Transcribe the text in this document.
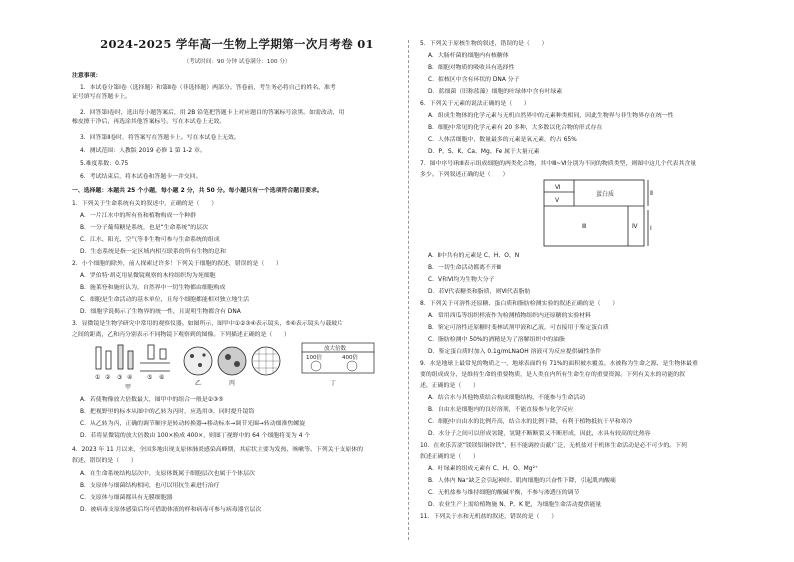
2024-2025 学年高一生物上学期第一次月考卷 01
（考试时间：90 分钟 试卷满分：100 分）
注意事项：
1．本试卷分第Ⅰ卷（选择题）和第Ⅱ卷（非选择题）两部分。答卷前，考生务必将自己的姓名、准考
证号填写在答题卡上。
2．回答第Ⅰ卷时，选出每小题答案后，用 2B 铅笔把答题卡上对应题目的答案标号涂黑。如需改动，用
橡皮擦干净后，再选涂其他答案标号。写在本试卷上无效。
3．回答第Ⅱ卷时，将答案写在答题卡上。写在本试卷上无效。
4．测试范围：人教版 2019 必修 1 第 1-2 章。
5.难度系数：0.75
6．考试结束后，将本试卷和答题卡一并交回。
一、选择题：本题共 25 个小题，每小题 2 分，共 50 分。每小题只有一个选项符合题目要求。
1．下列关于生命系统有关的叙述中，正确的是（　　）
A．一片江水中的所有鱼和植物构成一个种群
B．一分子葡萄糖是系统，也是“生命系统”的层次
C．江水、阳光、空气等非生物可参与生命系统的组成
D．生态系统是指一定区域内相互联系的所有生物的总和
2．小个细胞的除外，前人探索过许多！下列关于细胞的叙述，错误的是（　　）
A．罗伯特·胡克用显微镜观察的木栓组织均为死细胞
B．施莱登和施旺认为，自然界中一切生物都由细胞构成
C．细胞是生命活动的基本单位，且每个细胞都能相对独立地生活
D．细胞学说揭示了生物界的统一性，且说明生物都含有 DNA
3．显微镜是生物学研究中常用的观察仪器。如图所示，图甲中①②③④表示镜头，⑤⑥表示镜头与载玻片
之间的距离，乙和丙分别表示不同物镜下观察到的图像。下列描述正确的是（　　）
① ② ③ ④ ⑤ ⑥
甲
乙	丙	丁
放大倍数
100倍	400倍
A．若使物像放大倍数最大，图甲中的组合一般是②③⑤
B．把视野里的标本从图中的乙转为丙时，应选用③，同时提升镜筒
C．从乙转为丙，正确的调节顺序是转动转换器→移动标本→调节光圈→转动细准焦螺旋
D．若将显微镜的放大倍数由 100×换成 400×，则图丁视野中的 64 个细胞将变为 4 个
4．2023 年 11 月以来，全国多地出现支原体肺炎感染高峰期，其症状主要为发热、咳嗽等。下列关于支原体的
叙述，错误的是（　　）
A．在生命系统结构层次中，支原体既属于细胞层次也属于个体层次
B．支原体与细菌结构相同，也可以用抗生素进行治疗
C．支原体与细菌都具有无膜细胞器
D．被病毒支原体感染后均可借助体液的样和病毒可参与病毒器官层次
5．下列关于原核生物的叙述，错误的是（　　）
A．大肠杆菌的细胞内有核糖体
B．细胞对物质的吸收具有选择性
C．拟核区中含有环状的 DNA 分子
D．蓝细菌（旧称蓝藻）细胞的叶绿体中含有叶绿素
6．下列关于元素的说法正确的是（　　）
A．组成生物体的化学元素与无机自然界中的元素种类相同，因此生物界与非生物界存在统一性
B．细胞中常见的化学元素有 20 多种，大多数以化合物的形式存在
C．人体活细胞中，数量最多的元素是氧元素，约占 65%
D．P、S、K、Ca、Mg、Fe 属于大量元素
7．图中序号Ⅰ和Ⅱ表示组成细胞的两类化合物，其中Ⅲ~Ⅵ分别为不同的物质类型，则图中这几个代表其含量
多少。下列叙述正确的是（　　）
Ⅵ
Ⅴ
Ⅲ	Ⅳ
Ⅱ
Ⅰ
蛋白质
A．Ⅱ中共有的元素是 C、H、O、N
B．一切生命活动都离不开Ⅲ
C．Ⅴ和Ⅵ均为生物大分子
D．若Ⅴ代表糖类和脂质，则Ⅵ代表脂肪
8．下列关于可溶性还原糖、蛋白质和脂肪检测实验的叙述正确的是（　　）
A．常用西瓜等组织样液作为检测植物组织内还原糖的实验材料
B．鉴定可溶性还原糖时斐林试剂甲液和乙液，可直接用于鉴定蛋白质
C．脂肪检测中 50%的酒精是为了溶解组织中的油脂
D．鉴定蛋白质时加入 0.1g/mLNaOH 溶液可为反应提供碱性条件
9．水是地球上最常见的物质之一，地球表面约有 71%的面积被水覆盖。水被称为生命之源，是生物体最重
要的组成成分，是维持生命的重要物质，是人类在内所有生命生存的重要资源。下列有关水的功能的叙
述，正确的是（　　）
A．结合水与其他物质结合构成细胞结构，不能参与生命活动
B．自由水是细胞内的良好溶剂，不能直接参与化学反应
C．细胞中自由水的比例升高，结合水的比例下降，有利于植物抵抗干旱和寒冷
D．水分子之间可以形成氢键，氢键不断断裂又不断形成，因此，水具有较高的比热容
10．在欢乐苦涩“镁镁铝铜锌铁”，但不能调控贡献广泛，无机盐对于机体生命活动是必不可少的。下列
叙述正确的是（　　）
A．叶绿素的组成元素有 C、H、O、Mg²⁺
B．人体内 Na⁺缺乏会引起神经、肌肉细胞的兴奋性下降，引起肌肉酸痛
C．无机盐参与维持细胞的酸碱平衡，不参与渗透压的调节
D．农业生产上需给植物施 N、P、K 肥，为细胞生命活动提供能量
11．下列关于水和无机盐的叙述，错误的是（　　）
